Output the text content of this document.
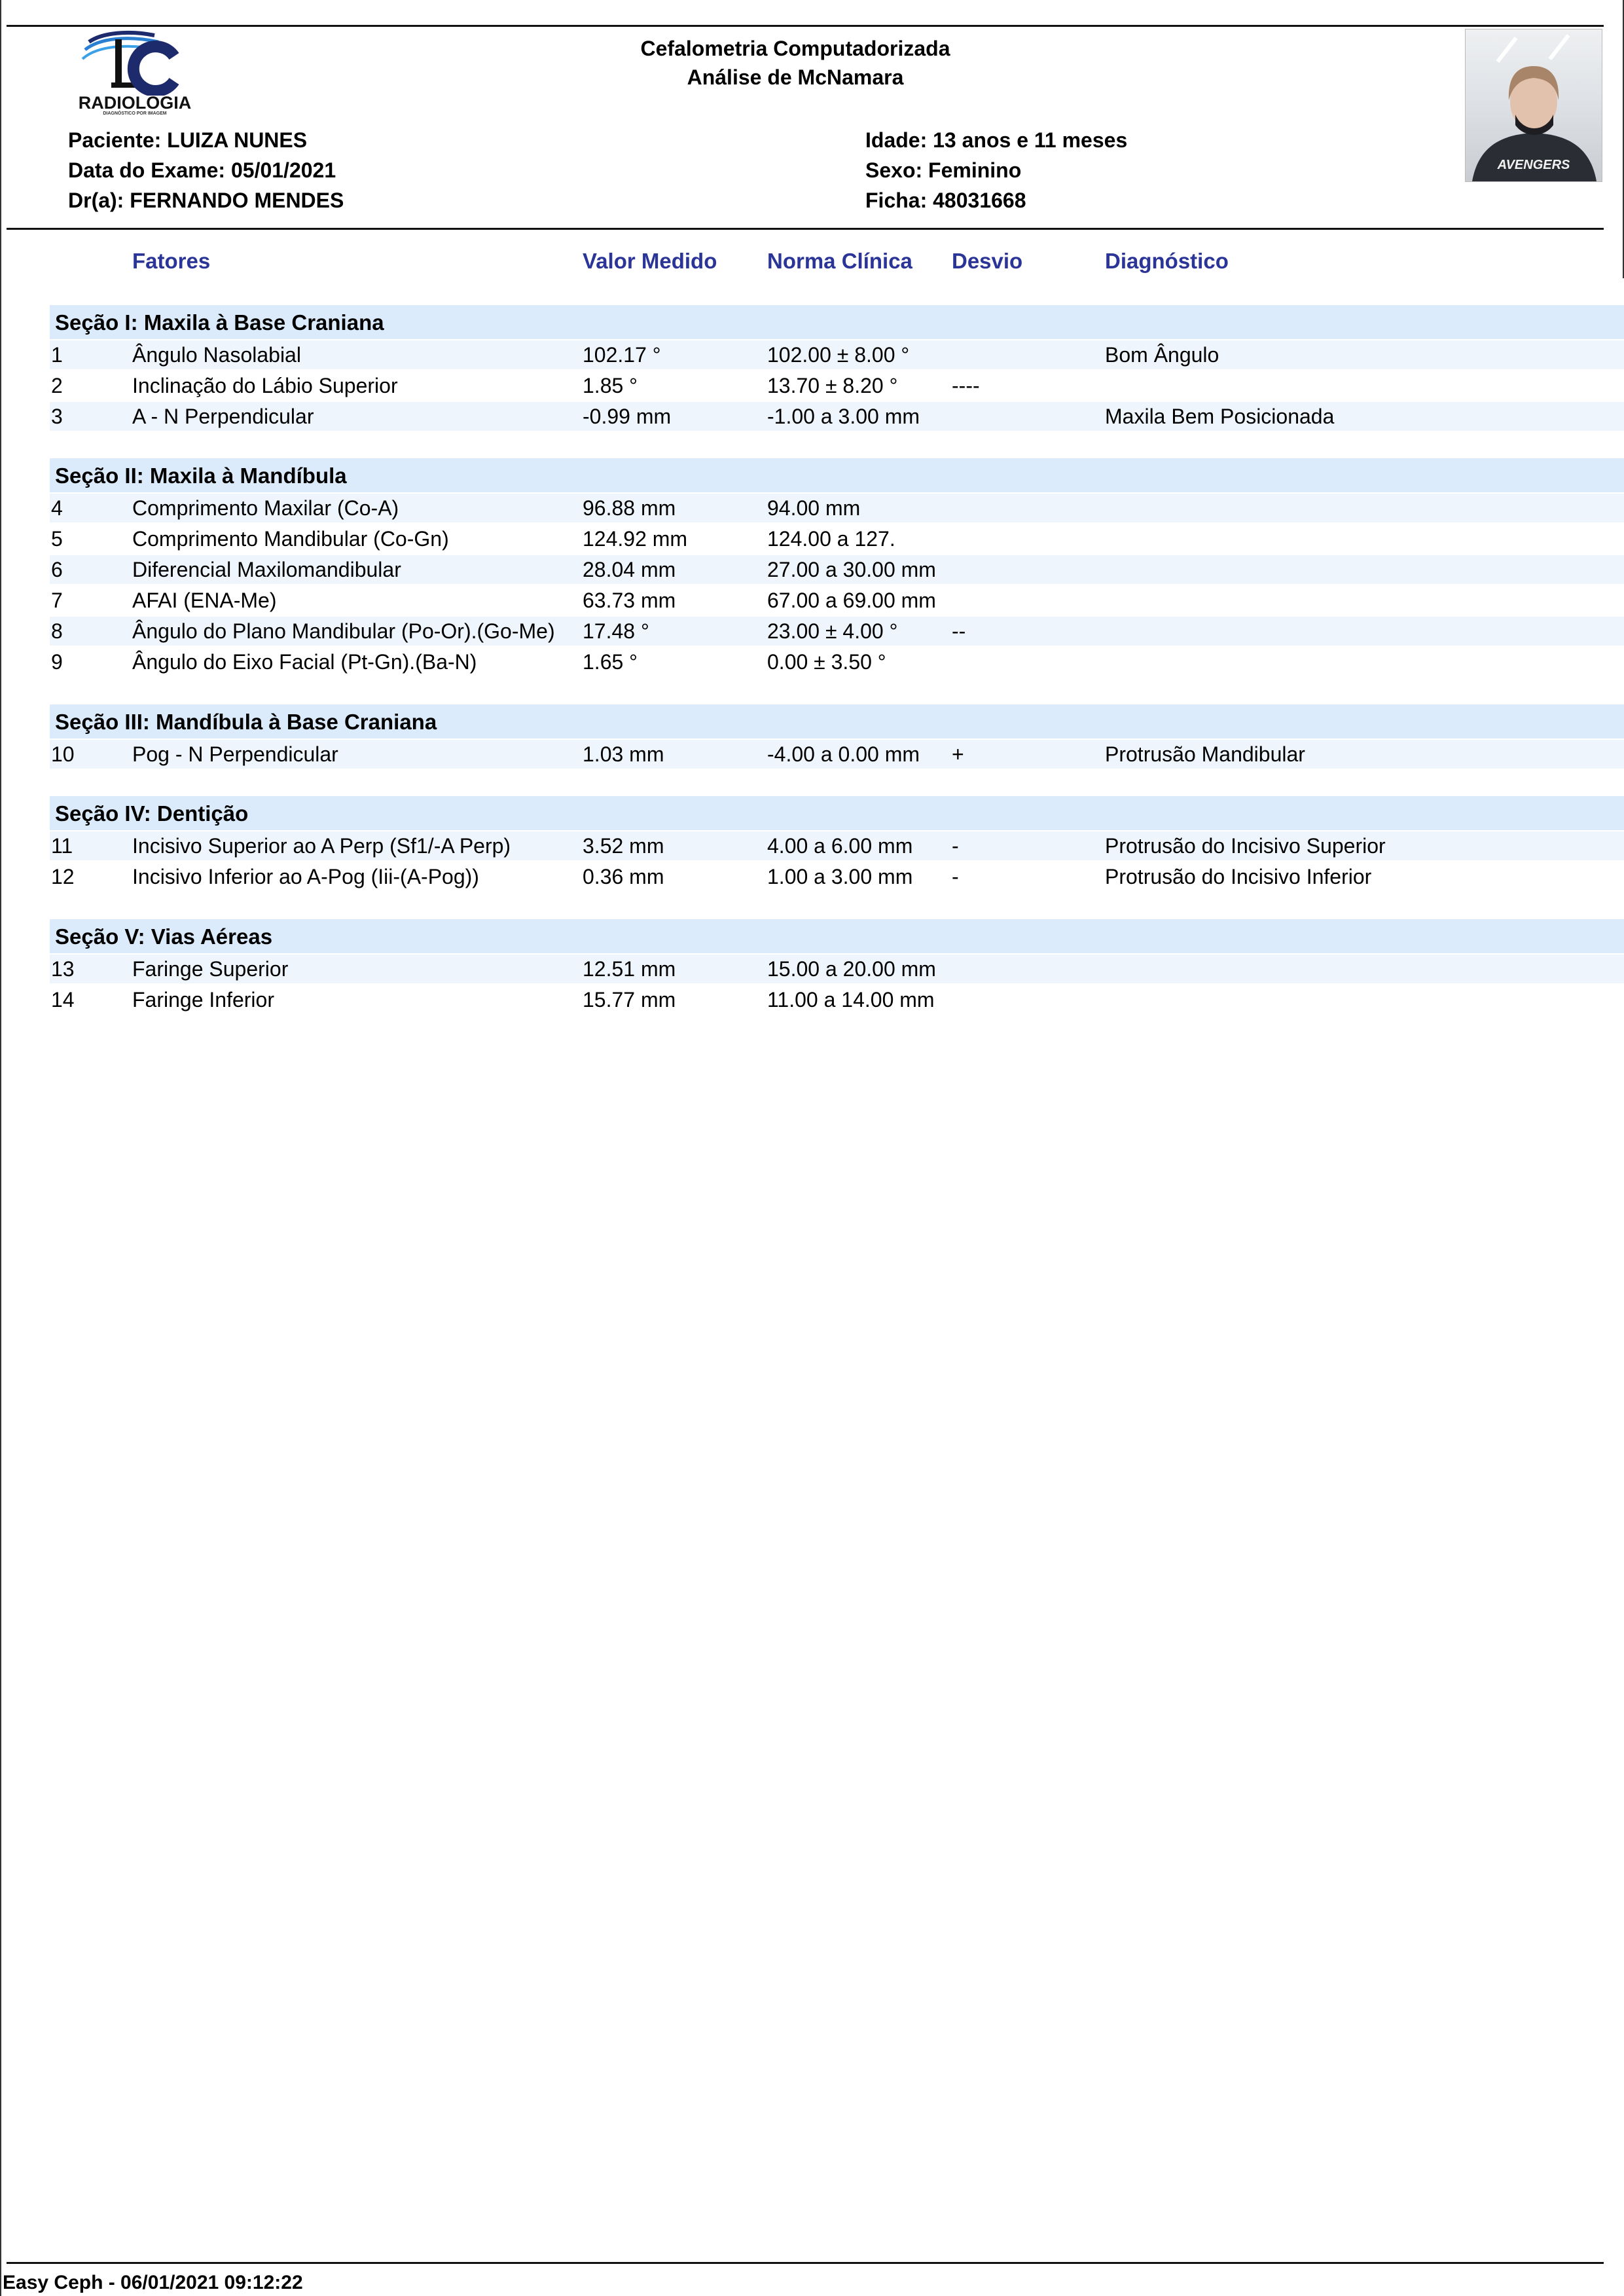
RADIOLOGIA
DIAGNÓSTICO POR IMAGEM
Cefalometria Computadorizada
Análise de McNamara
Paciente: LUIZA NUNES
Data do Exame: 05/01/2021
Dr(a): FERNANDO MENDES
Idade: 13 anos e 11 meses
Sexo: Feminino
Ficha: 48031668
AVENGERS
Fatores	Valor Medido Norma Clínica Desvio	Diagnóstico
Seção I: Maxila à Base Craniana
1	Ângulo Nasolabial	102.17 °	102.00 ± 8.00 °	Bom Ângulo
2	Inclinação do Lábio Superior	1.85 °	13.70 ± 8.20 °	----
3	A - N Perpendicular	-0.99 mm	-1.00 a 3.00 mm	Maxila Bem Posicionada
Seção II: Maxila à Mandíbula
4	Comprimento Maxilar (Co-A)	96.88 mm	94.00 mm
5	Comprimento Mandibular (Co-Gn)	124.92 mm	124.00 a 127.
6	Diferencial Maxilomandibular	28.04 mm	27.00 a 30.00 mm
7	AFAI (ENA-Me)	63.73 mm	67.00 a 69.00 mm
8	Ângulo do Plano Mandibular (Po-Or).(Go-Me) 17.48 °	23.00 ± 4.00 °	--
9	Ângulo do Eixo Facial (Pt-Gn).(Ba-N)	1.65 °	0.00 ± 3.50 °
Seção III: Mandíbula à Base Craniana
10	Pog - N Perpendicular	1.03 mm	-4.00 a 0.00 mm +	Protrusão Mandibular
Seção IV: Dentição
11	Incisivo Superior ao A Perp (Sf1/-A Perp)	3.52 mm	4.00 a 6.00 mm -	Protrusão do Incisivo Superior
12	Incisivo Inferior ao A-Pog (Iii-(A-Pog))	0.36 mm	1.00 a 3.00 mm -	Protrusão do Incisivo Inferior
Seção V: Vias Aéreas
13	Faringe Superior	12.51 mm	15.00 a 20.00 mm
14	Faringe Inferior	15.77 mm	11.00 a 14.00 mm
Easy Ceph - 06/01/2021 09:12:22
